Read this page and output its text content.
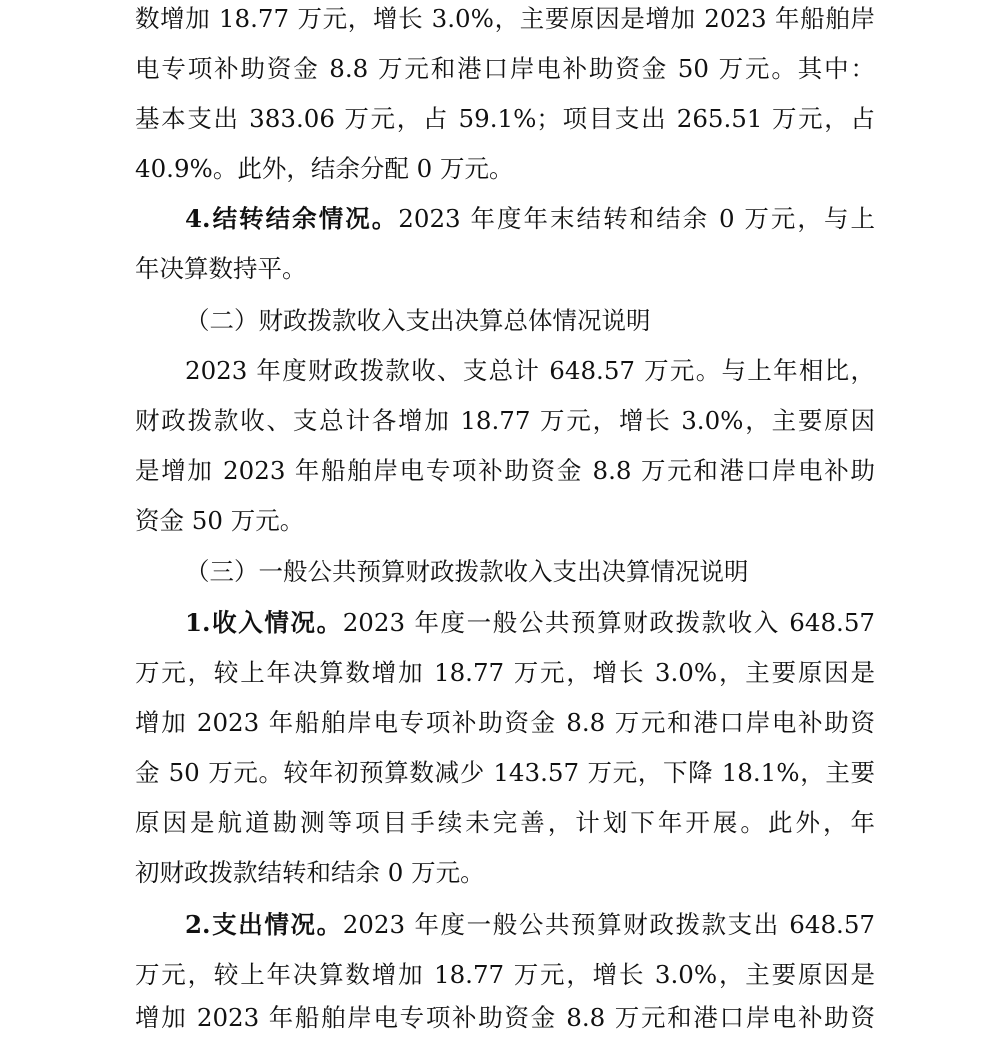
数增加 18.77 万元，增长 3.0%，主要原因是增加 2023 年船舶岸
电专项补助资金 8.8 万元和港口岸电补助资金 50 万元。其中：
基本支出 383.06 万元，占 59.1%；项目支出 265.51 万元，占
40.9%。此外，结余分配 0 万元。
4.结转结余情况。2023 年度年末结转和结余 0 万元，与上
年决算数持平。
（二）财政拨款收入支出决算总体情况说明
2023 年度财政拨款收、支总计 648.57 万元。与上年相比，
财政拨款收、支总计各增加 18.77 万元，增长 3.0%，主要原因
是增加 2023 年船舶岸电专项补助资金 8.8 万元和港口岸电补助
资金 50 万元。
（三）一般公共预算财政拨款收入支出决算情况说明
1.收入情况。2023 年度一般公共预算财政拨款收入 648.57
万元，较上年决算数增加 18.77 万元，增长 3.0%，主要原因是
增加 2023 年船舶岸电专项补助资金 8.8 万元和港口岸电补助资
金 50 万元。较年初预算数减少 143.57 万元，下降 18.1%，主要
原因是航道勘测等项目手续未完善，计划下年开展。此外，年
初财政拨款结转和结余 0 万元。
2.支出情况。2023 年度一般公共预算财政拨款支出 648.57
万元，较上年决算数增加 18.77 万元，增长 3.0%，主要原因是
增加 2023 年船舶岸电专项补助资金 8.8 万元和港口岸电补助资
